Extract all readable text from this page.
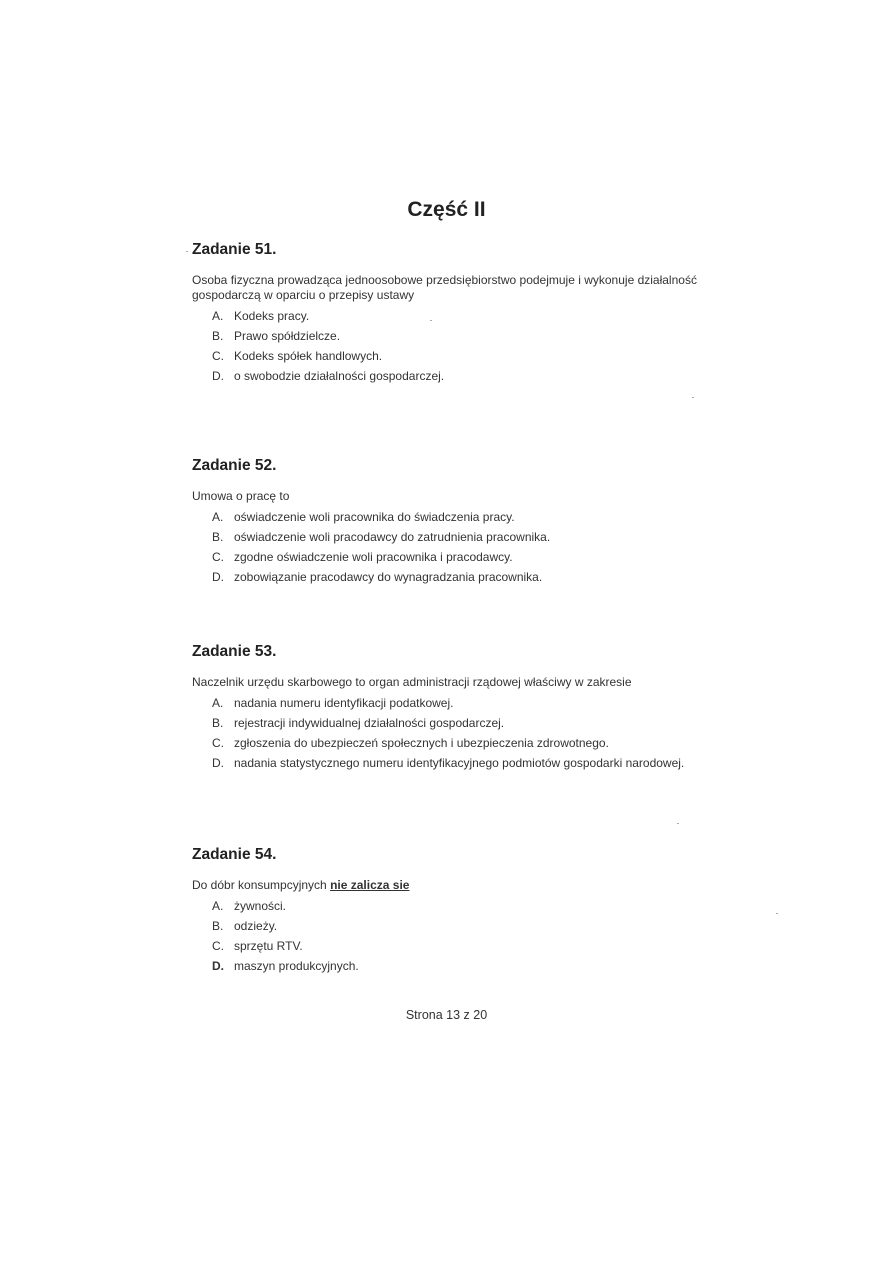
Część II
Zadanie 51.

Osoba fizyczna prowadząca jednoosobowe przedsiębiorstwo podejmuje i wykonuje działalność gospodarczą w oparciu o przepisy ustawy

A. Kodeks pracy.
B. Prawo spółdzielcze.
C. Kodeks spółek handlowych.
D. o swobodzie działalności gospodarczej.
Zadanie 52.

Umowa o pracę to

A. oświadczenie woli pracownika do świadczenia pracy.
B. oświadczenie woli pracodawcy do zatrudnienia pracownika.
C. zgodne oświadczenie woli pracownika i pracodawcy.
D. zobowiązanie pracodawcy do wynagradzania pracownika.
Zadanie 53.

Naczelnik urzędu skarbowego to organ administracji rządowej właściwy w zakresie

A. nadania numeru identyfikacji podatkowej.
B. rejestracji indywidualnej działalności gospodarczej.
C. zgłoszenia do ubezpieczeń społecznych i ubezpieczenia zdrowotnego.
D. nadania statystycznego numeru identyfikacyjnego podmiotów gospodarki narodowej.
Zadanie 54.

Do dóbr konsumpcyjnych nie zalicza sie

A. żywności.
B. odzieży.
C. sprzętu RTV.
D. maszyn produkcyjnych.
Strona 13 z 20
